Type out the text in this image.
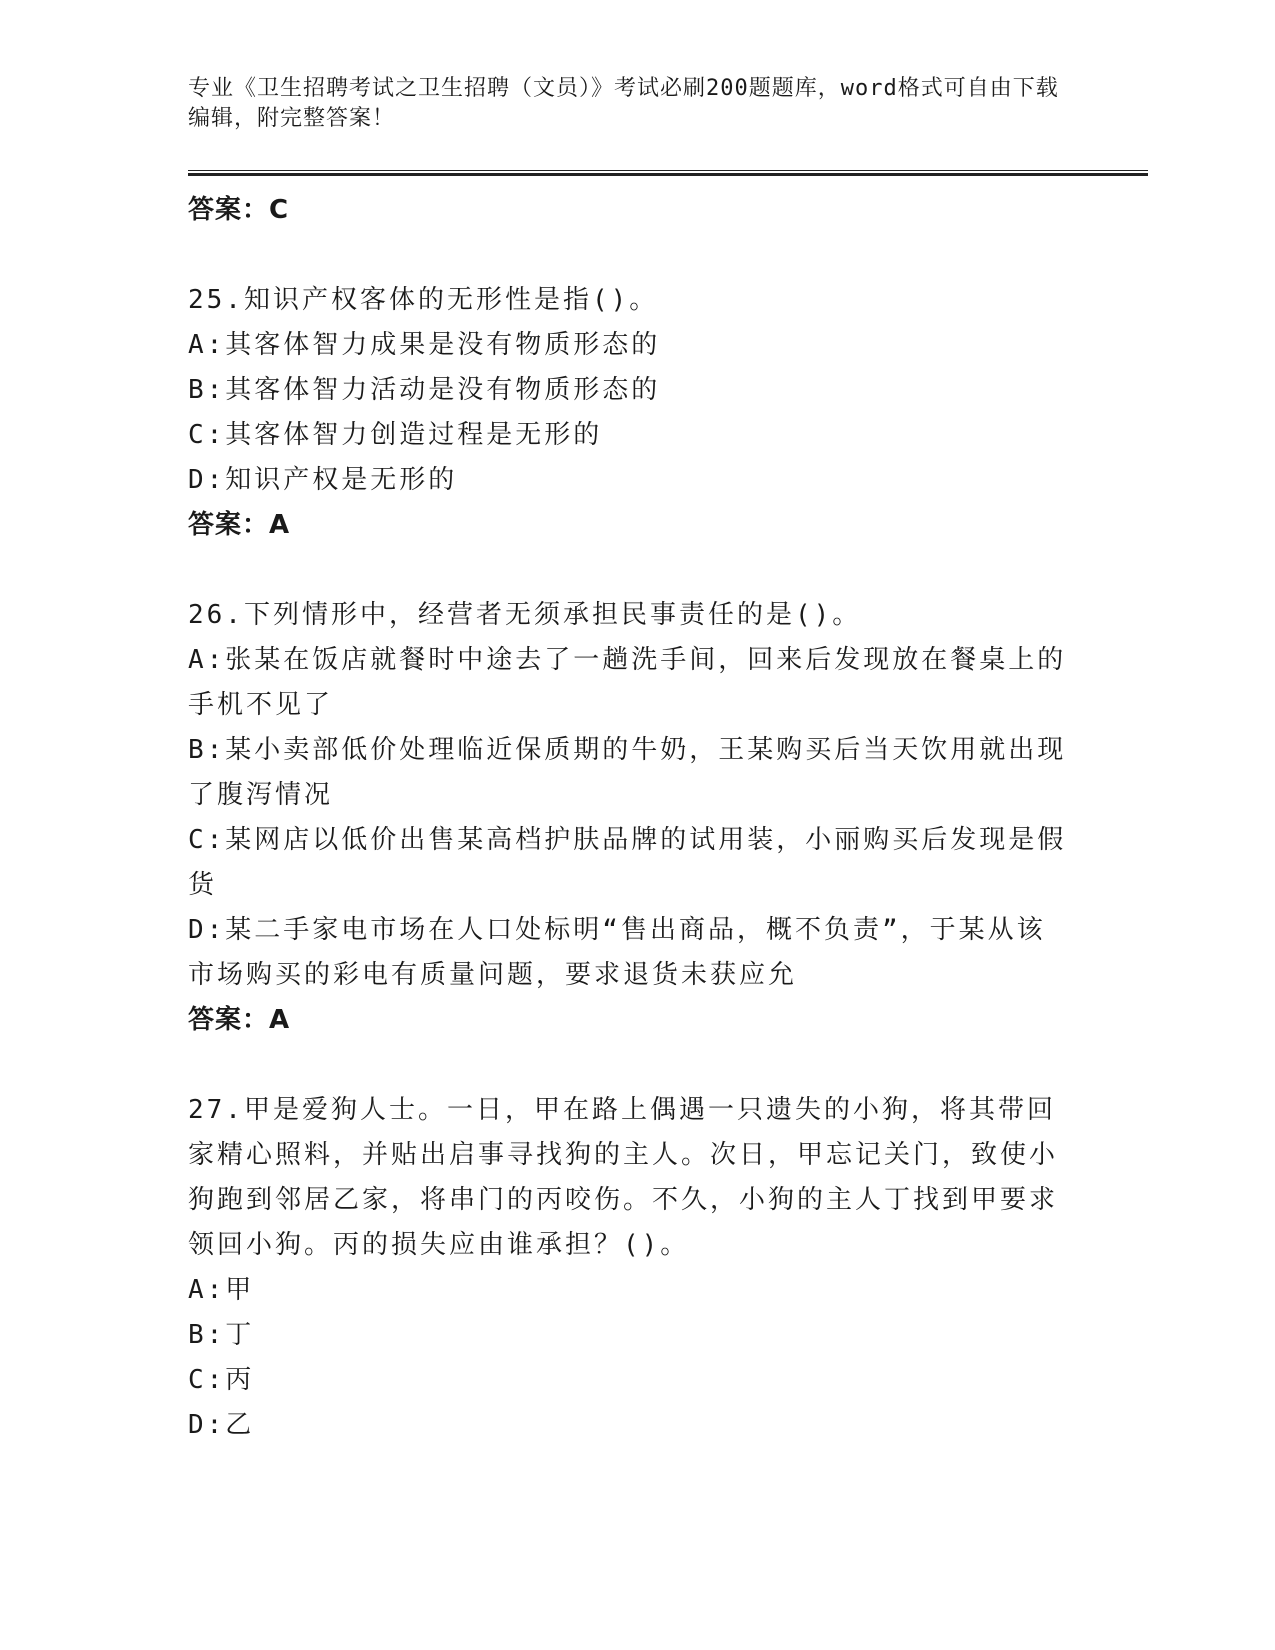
专业《卫生招聘考试之卫生招聘（文员）》考试必刷200题题库，word格式可自由下载编辑，附完整答案！
答案：C
25.知识产权客体的无形性是指()。
A:其客体智力成果是没有物质形态的
B:其客体智力活动是没有物质形态的
C:其客体智力创造过程是无形的
D:知识产权是无形的
答案：A
26.下列情形中，经营者无须承担民事责任的是()。
A:张某在饭店就餐时中途去了一趟洗手间，回来后发现放在餐桌上的手机不见了
B:某小卖部低价处理临近保质期的牛奶，王某购买后当天饮用就出现了腹泻情况
C:某网店以低价出售某高档护肤品牌的试用装，小丽购买后发现是假货
D:某二手家电市场在人口处标明“售出商品，概不负责”，于某从该市场购买的彩电有质量问题，要求退货未获应允
答案：A
27.甲是爱狗人士。一日，甲在路上偶遇一只遗失的小狗，将其带回家精心照料，并贴出启事寻找狗的主人。次日，甲忘记关门，致使小狗跑到邻居乙家，将串门的丙咬伤。不久，小狗的主人丁找到甲要求领回小狗。丙的损失应由谁承担？()。
A:甲
B:丁
C:丙
D:乙
